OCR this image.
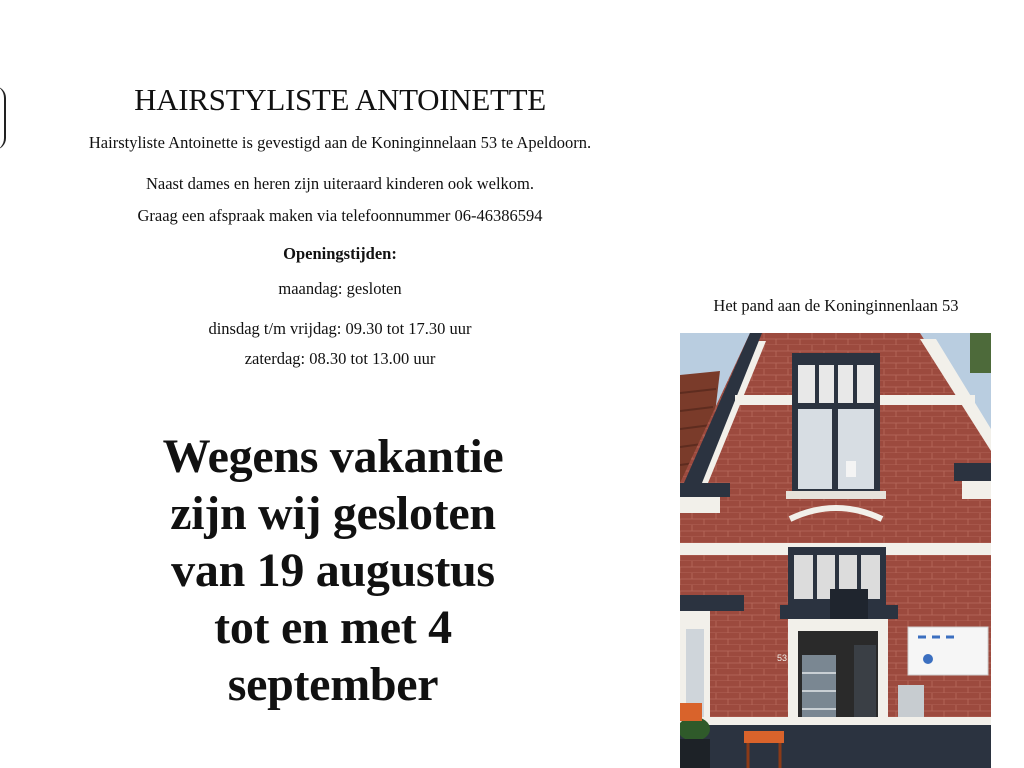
HAIRSTYLISTE ANTOINETTE
Hairstyliste Antoinette is gevestigd aan de Koninginnelaan 53 te Apeldoorn.
Naast dames en heren zijn uiteraard kinderen ook welkom.
Graag een afspraak maken via telefoonnummer 06-46386594
Openingstijden:
maandag: gesloten
dinsdag t/m vrijdag: 09.30 tot 17.30 uur
zaterdag: 08.30 tot 13.00 uur
Wegens vakantie
zijn wij gesloten
van 19 augustus
tot en met 4
september
Het pand aan de Koninginnenlaan 53
53
